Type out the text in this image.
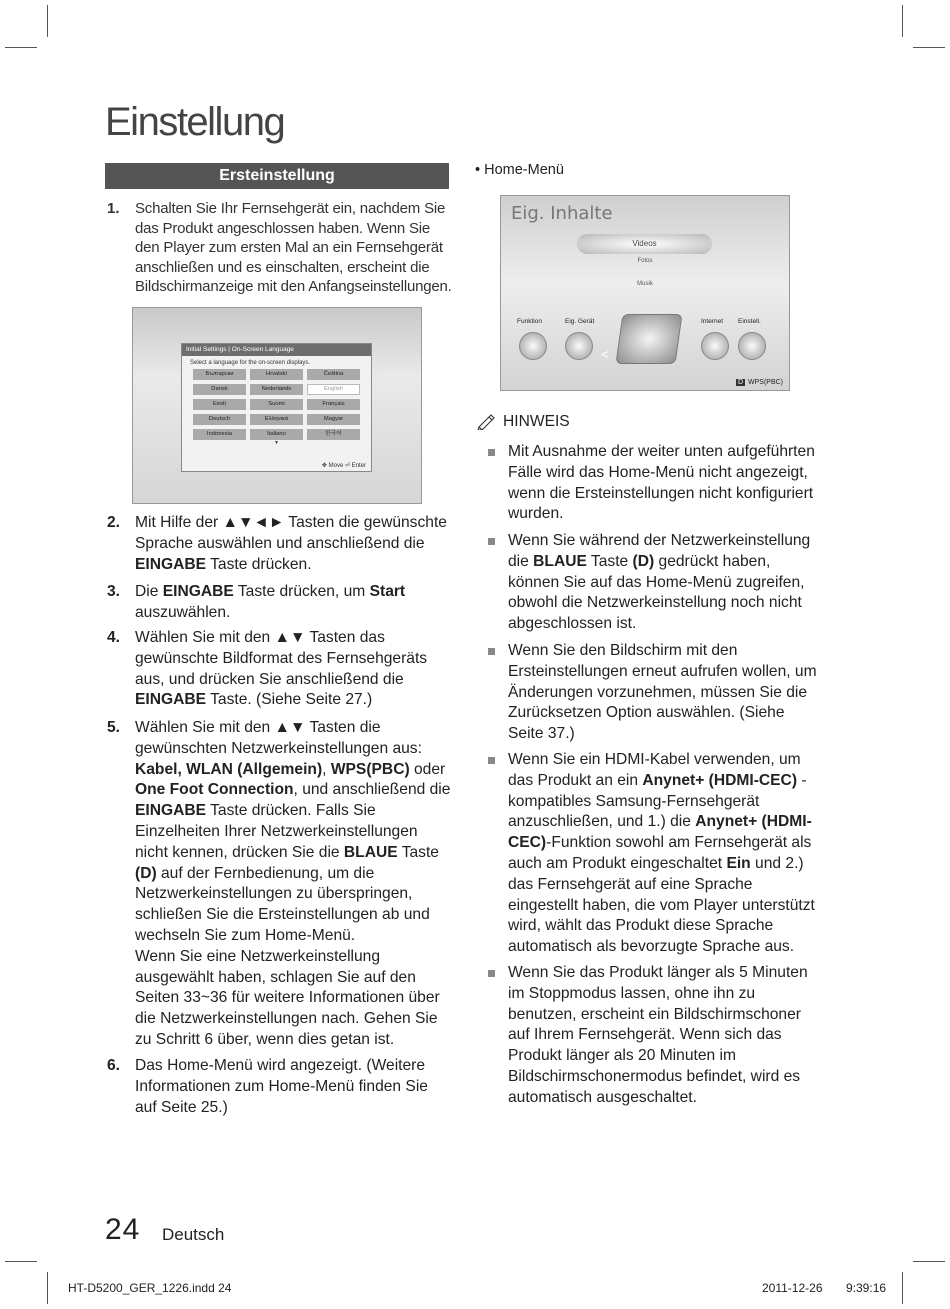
Einstellung
Ersteinstellung
1. Schalten Sie Ihr Fernsehgerät ein, nachdem Sie das Produkt angeschlossen haben. Wenn Sie den Player zum ersten Mal an ein Fernsehgerät anschließen und es einschalten, erscheint die Bildschirmanzeige mit den Anfangseinstellungen.
Initial Settings | On-Screen Language
Select a language for the on-screen displays.
Български	Hrvatski	Čeština
Dansk	Nederlands	English
Eesti	Suomi	Français
Deutsch	Ελληνικά	Magyar
Indonesia	Italiano	한국어
▼
✥ Move ⏎ Enter
2. Mit Hilfe der ▲▼◄► Tasten die gewünschte Sprache auswählen und anschließend die EINGABE Taste drücken.
3. Die EINGABE Taste drücken, um Start auszuwählen.
4. Wählen Sie mit den ▲▼ Tasten das gewünschte Bildformat des Fernsehgeräts aus, und drücken Sie anschließend die EINGABE Taste. (Siehe Seite 27.)
5. Wählen Sie mit den ▲▼ Tasten die gewünschten Netzwerkeinstellungen aus: Kabel, WLAN (Allgemein), WPS(PBC) oder One Foot Connection, und anschließend die EINGABE Taste drücken. Falls Sie Einzelheiten Ihrer Netzwerkeinstellungen nicht kennen, drücken Sie die BLAUE Taste (D) auf der Fernbedienung, um die Netzwerkeinstellungen zu überspringen, schließen Sie die Ersteinstellungen ab und wechseln Sie zum Home-Menü.
Wenn Sie eine Netzwerkeinstellung ausgewählt haben, schlagen Sie auf den Seiten 33~36 für weitere Informationen über die Netzwerkeinstellungen nach. Gehen Sie zu Schritt 6 über, wenn dies getan ist.
6. Das Home-Menü wird angezeigt. (Weitere Informationen zum Home-Menü finden Sie auf Seite 25.)
• Home-Menü
Eig. Inhalte
Videos
Fotos
Musik
Funktion	Eig. Gerät	Internet Einstell.
<
D WPS(PBC)
HINWEIS
Mit Ausnahme der weiter unten aufgeführten Fälle wird das Home-Menü nicht angezeigt, wenn die Ersteinstellungen nicht konfiguriert wurden.
Wenn Sie während der Netzwerkeinstellung die BLAUE Taste (D) gedrückt haben, können Sie auf das Home-Menü zugreifen, obwohl die Netzwerkeinstellung noch nicht abgeschlossen ist.
Wenn Sie den Bildschirm mit den Ersteinstellungen erneut aufrufen wollen, um Änderungen vorzunehmen, müssen Sie die Zurücksetzen Option auswählen. (Siehe Seite 37.)
Wenn Sie ein HDMI-Kabel verwenden, um das Produkt an ein Anynet+ (HDMI-CEC) -kompatibles Samsung-Fernsehgerät anzuschließen, und 1.) die Anynet+ (HDMI-CEC)-Funktion sowohl am Fernsehgerät als auch am Produkt eingeschaltet Ein und 2.) das Fernsehgerät auf eine Sprache eingestellt haben, die vom Player unterstützt wird, wählt das Produkt diese Sprache automatisch als bevorzugte Sprache aus.
Wenn Sie das Produkt länger als 5 Minuten im Stoppmodus lassen, ohne ihn zu benutzen, erscheint ein Bildschirmschoner auf Ihrem Fernsehgerät. Wenn sich das Produkt länger als 20 Minuten im Bildschirmschonermodus befindet, wird es automatisch ausgeschaltet.
24 Deutsch
HT-D5200_GER_1226.indd 24	2011-12-26 9:39:16
